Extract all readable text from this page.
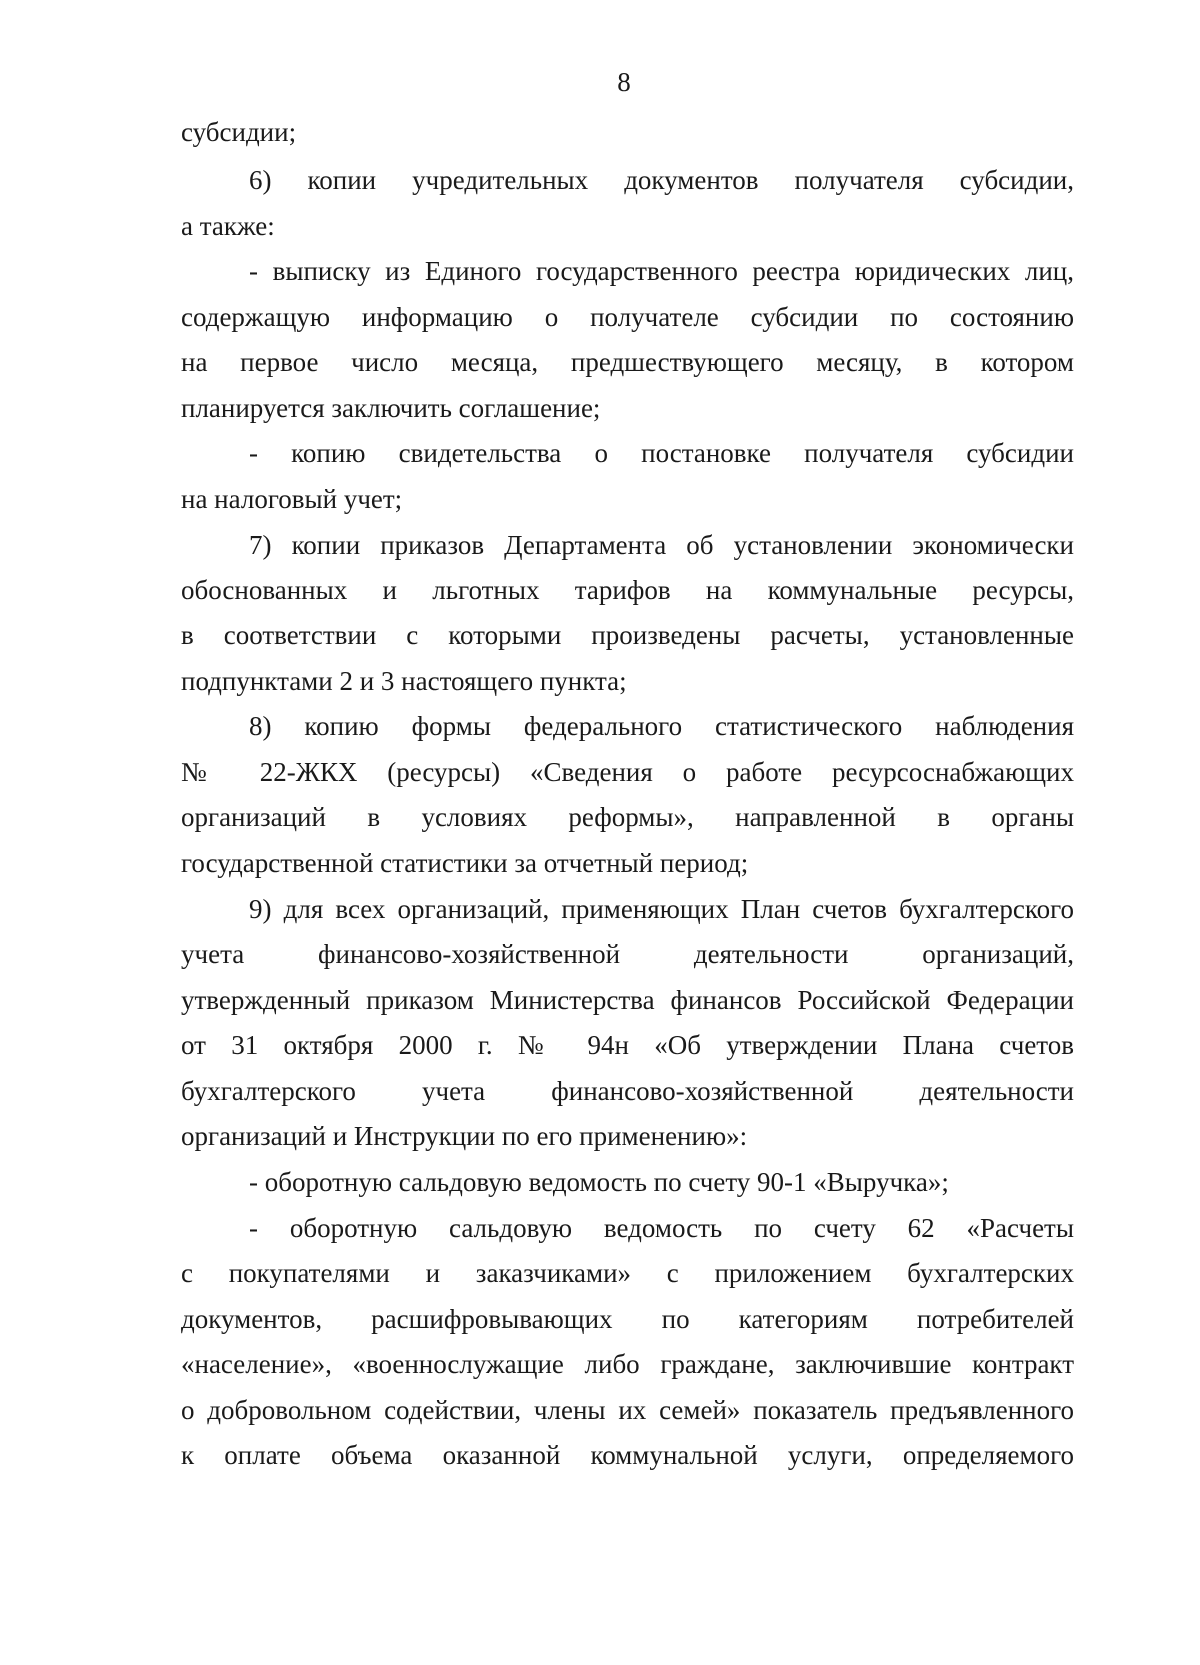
8
субсидии;
6) копии учредительных документов получателя субсидии,
а также:
- выписку из Единого государственного реестра юридических лиц,
содержащую информацию о получателе субсидии по состоянию
на первое число месяца, предшествующего месяцу, в котором
планируется заключить соглашение;
- копию свидетельства о постановке получателя субсидии
на налоговый учет;
7) копии приказов Департамента об установлении экономически
обоснованных и льготных тарифов на коммунальные ресурсы,
в соответствии с которыми произведены расчеты, установленные
подпунктами 2 и 3 настоящего пункта;
8) копию формы федерального статистического наблюдения
№ 22-ЖКХ (ресурсы) «Сведения о работе ресурсоснабжающих
организаций в условиях реформы», направленной в органы
государственной статистики за отчетный период;
9) для всех организаций, применяющих План счетов бухгалтерского
учета финансово-хозяйственной деятельности организаций,
утвержденный приказом Министерства финансов Российской Федерации
от 31 октября 2000 г. № 94н «Об утверждении Плана счетов
бухгалтерского учета финансово-хозяйственной деятельности
организаций и Инструкции по его применению»:
- оборотную сальдовую ведомость по счету 90-1 «Выручка»;
- оборотную сальдовую ведомость по счету 62 «Расчеты
с покупателями и заказчиками» с приложением бухгалтерских
документов, расшифровывающих по категориям потребителей
«население», «военнослужащие либо граждане, заключившие контракт
о добровольном содействии, члены их семей» показатель предъявленного
к оплате объема оказанной коммунальной услуги, определяемого
